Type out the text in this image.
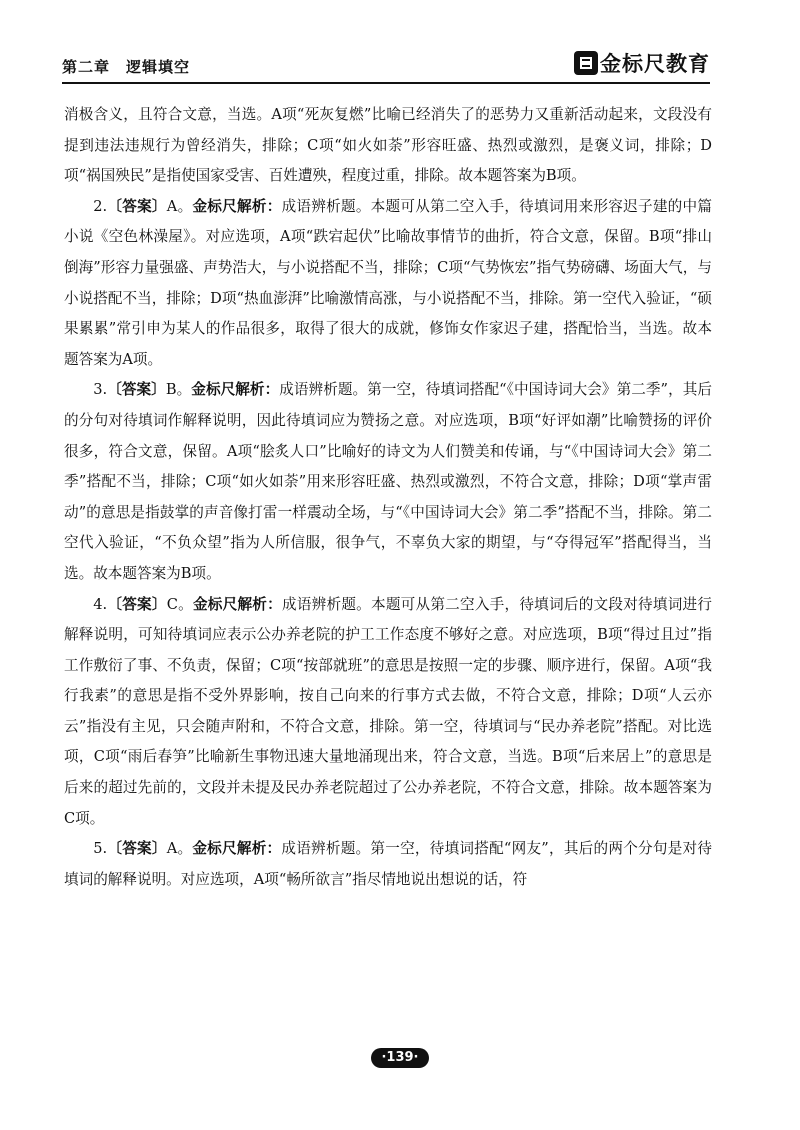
第二章　逻辑填空	金标尺教育

消极含义，且符合文意，当选。A项“死灰复燃”比喻已经消失了的恶势力又重新活动起来，文段没有提到违法违规行为曾经消失，排除；C项“如火如荼”形容旺盛、热烈或激烈，是褒义词，排除；D项“祸国殃民”是指使国家受害、百姓遭殃，程度过重，排除。故本题答案为B项。

2.〔答案〕A。金标尺解析：成语辨析题。本题可从第二空入手，待填词用来形容迟子建的中篇小说《空色林澡屋》。对应选项，A项“跌宕起伏”比喻故事情节的曲折，符合文意，保留。B项“排山倒海”形容力量强盛、声势浩大，与小说搭配不当，排除；C项“气势恢宏”指气势磅礴、场面大气，与小说搭配不当，排除；D项“热血澎湃”比喻激情高涨，与小说搭配不当，排除。第一空代入验证，“硕果累累”常引申为某人的作品很多，取得了很大的成就，修饰女作家迟子建，搭配恰当，当选。故本题答案为A项。

3.〔答案〕B。金标尺解析：成语辨析题。第一空，待填词搭配“《中国诗词大会》第二季”，其后的分句对待填词作解释说明，因此待填词应为赞扬之意。对应选项，B项“好评如潮”比喻赞扬的评价很多，符合文意，保留。A项“脍炙人口”比喻好的诗文为人们赞美和传诵，与“《中国诗词大会》第二季”搭配不当，排除；C项“如火如荼”用来形容旺盛、热烈或激烈，不符合文意，排除；D项“掌声雷动”的意思是指鼓掌的声音像打雷一样震动全场，与“《中国诗词大会》第二季”搭配不当，排除。第二空代入验证，“不负众望”指为人所信服，很争气，不辜负大家的期望，与“夺得冠军”搭配得当，当选。故本题答案为B项。

4.〔答案〕C。金标尺解析：成语辨析题。本题可从第二空入手，待填词后的文段对待填词进行解释说明，可知待填词应表示公办养老院的护工工作态度不够好之意。对应选项，B项“得过且过”指工作敷衍了事、不负责，保留；C项“按部就班”的意思是按照一定的步骤、顺序进行，保留。A项“我行我素”的意思是指不受外界影响，按自己向来的行事方式去做，不符合文意，排除；D项“人云亦云”指没有主见，只会随声附和，不符合文意，排除。第一空，待填词与“民办养老院”搭配。对比选项，C项“雨后春笋”比喻新生事物迅速大量地涌现出来，符合文意，当选。B项“后来居上”的意思是后来的超过先前的，文段并未提及民办养老院超过了公办养老院，不符合文意，排除。故本题答案为C项。

5.〔答案〕A。金标尺解析：成语辨析题。第一空，待填词搭配“网友”，其后的两个分句是对待填词的解释说明。对应选项，A项“畅所欲言”指尽情地说出想说的话，符

·139·
